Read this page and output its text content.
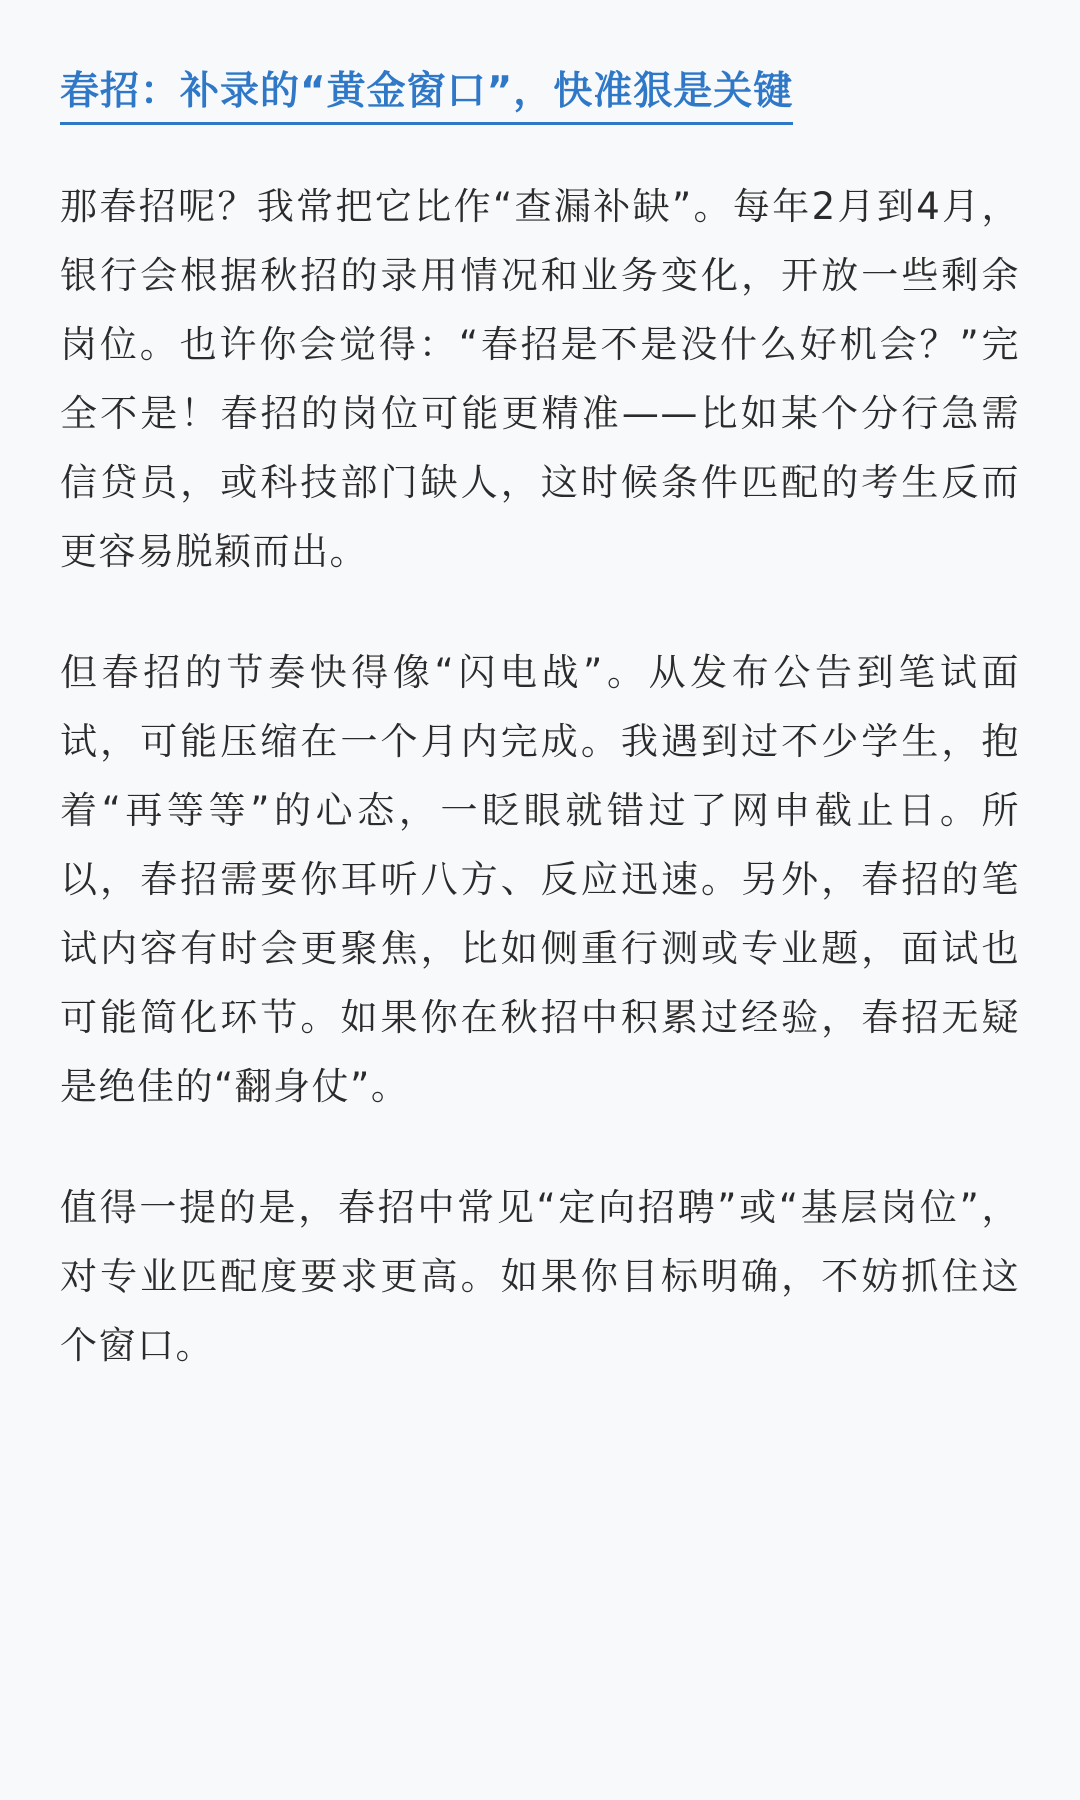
春招：补录的“黄金窗口”，快准狠是关键

那春招呢？我常把它比作“查漏补缺”。每年2月到4月，银行会根据秋招的录用情况和业务变化，开放一些剩余岗位。也许你会觉得：“春招是不是没什么好机会？”完全不是！春招的岗位可能更精准——比如某个分行急需信贷员，或科技部门缺人，这时候条件匹配的考生反而更容易脱颖而出。

但春招的节奏快得像“闪电战”。从发布公告到笔试面试，可能压缩在一个月内完成。我遇到过不少学生，抱着“再等等”的心态，一眨眼就错过了网申截止日。所以，春招需要你耳听八方、反应迅速。另外，春招的笔试内容有时会更聚焦，比如侧重行测或专业题，面试也可能简化环节。如果你在秋招中积累过经验，春招无疑是绝佳的“翻身仗”。

值得一提的是，春招中常见“定向招聘”或“基层岗位”，对专业匹配度要求更高。如果你目标明确，不妨抓住这个窗口。
